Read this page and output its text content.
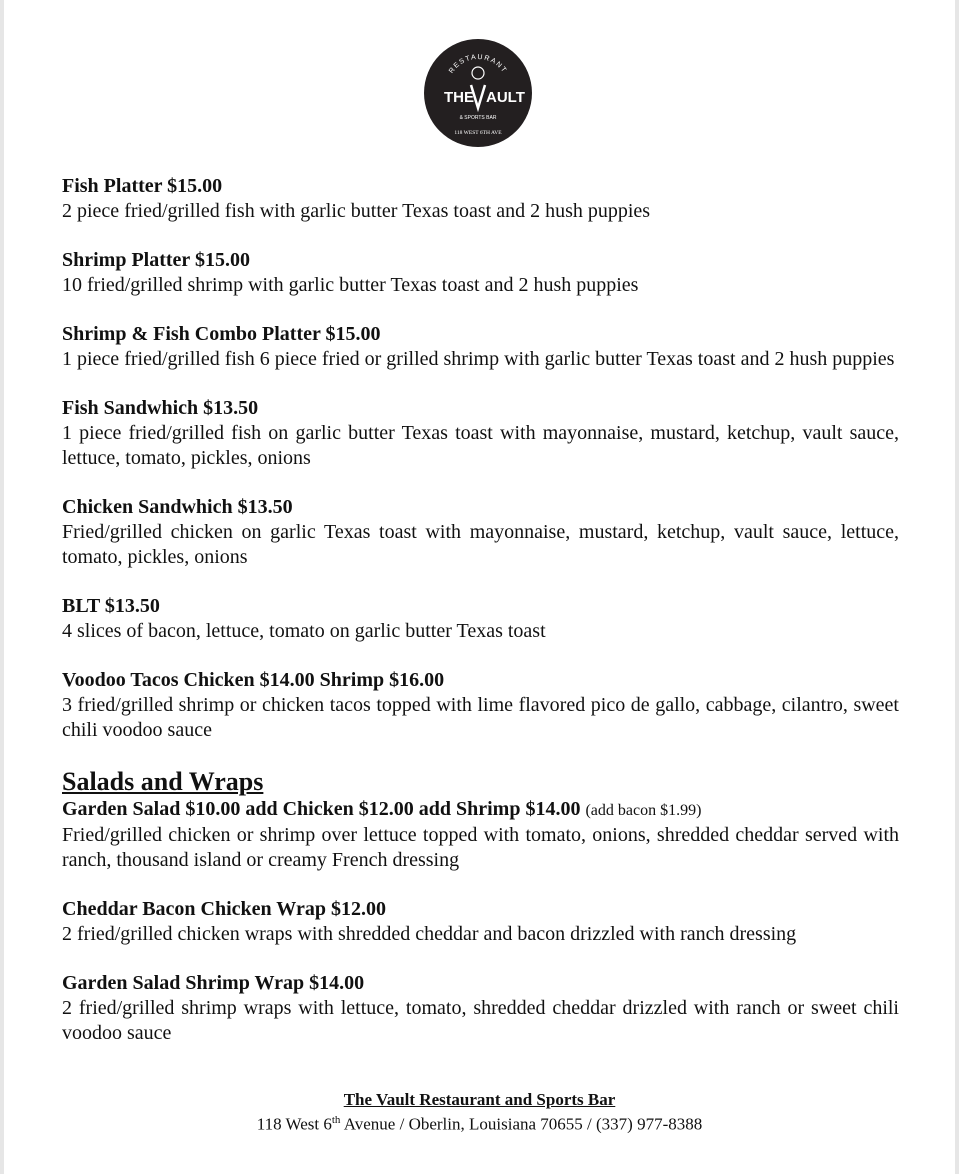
RESTAURANT
THE AULT
& SPORTS BAR
118 WEST 6TH AVE
Fish Platter $15.00
2 piece fried/grilled fish with garlic butter Texas toast and 2 hush puppies
Shrimp Platter $15.00
10 fried/grilled shrimp with garlic butter Texas toast and 2 hush puppies
Shrimp & Fish Combo Platter $15.00
1 piece fried/grilled fish 6 piece fried or grilled shrimp with garlic butter Texas toast and 2 hush puppies
Fish Sandwhich $13.50
1 piece fried/grilled fish on garlic butter Texas toast with mayonnaise, mustard, ketchup, vault sauce, lettuce, tomato, pickles, onions
Chicken Sandwhich $13.50
Fried/grilled chicken on garlic Texas toast with mayonnaise, mustard, ketchup, vault sauce, lettuce, tomato, pickles, onions
BLT $13.50
4 slices of bacon, lettuce, tomato on garlic butter Texas toast
Voodoo Tacos Chicken $14.00 Shrimp $16.00
3 fried/grilled shrimp or chicken tacos topped with lime flavored pico de gallo, cabbage, cilantro, sweet chili voodoo sauce
Salads and Wraps
Garden Salad $10.00 add Chicken $12.00 add Shrimp $14.00 (add bacon $1.99)
Fried/grilled chicken or shrimp over lettuce topped with tomato, onions, shredded cheddar served with ranch, thousand island or creamy French dressing
Cheddar Bacon Chicken Wrap $12.00
2 fried/grilled chicken wraps with shredded cheddar and bacon drizzled with ranch dressing
Garden Salad Shrimp Wrap $14.00
2 fried/grilled shrimp wraps with lettuce, tomato, shredded cheddar drizzled with ranch or sweet chili voodoo sauce
The Vault Restaurant and Sports Bar
118 West 6th Avenue / Oberlin, Louisiana 70655 / (337) 977-8388
